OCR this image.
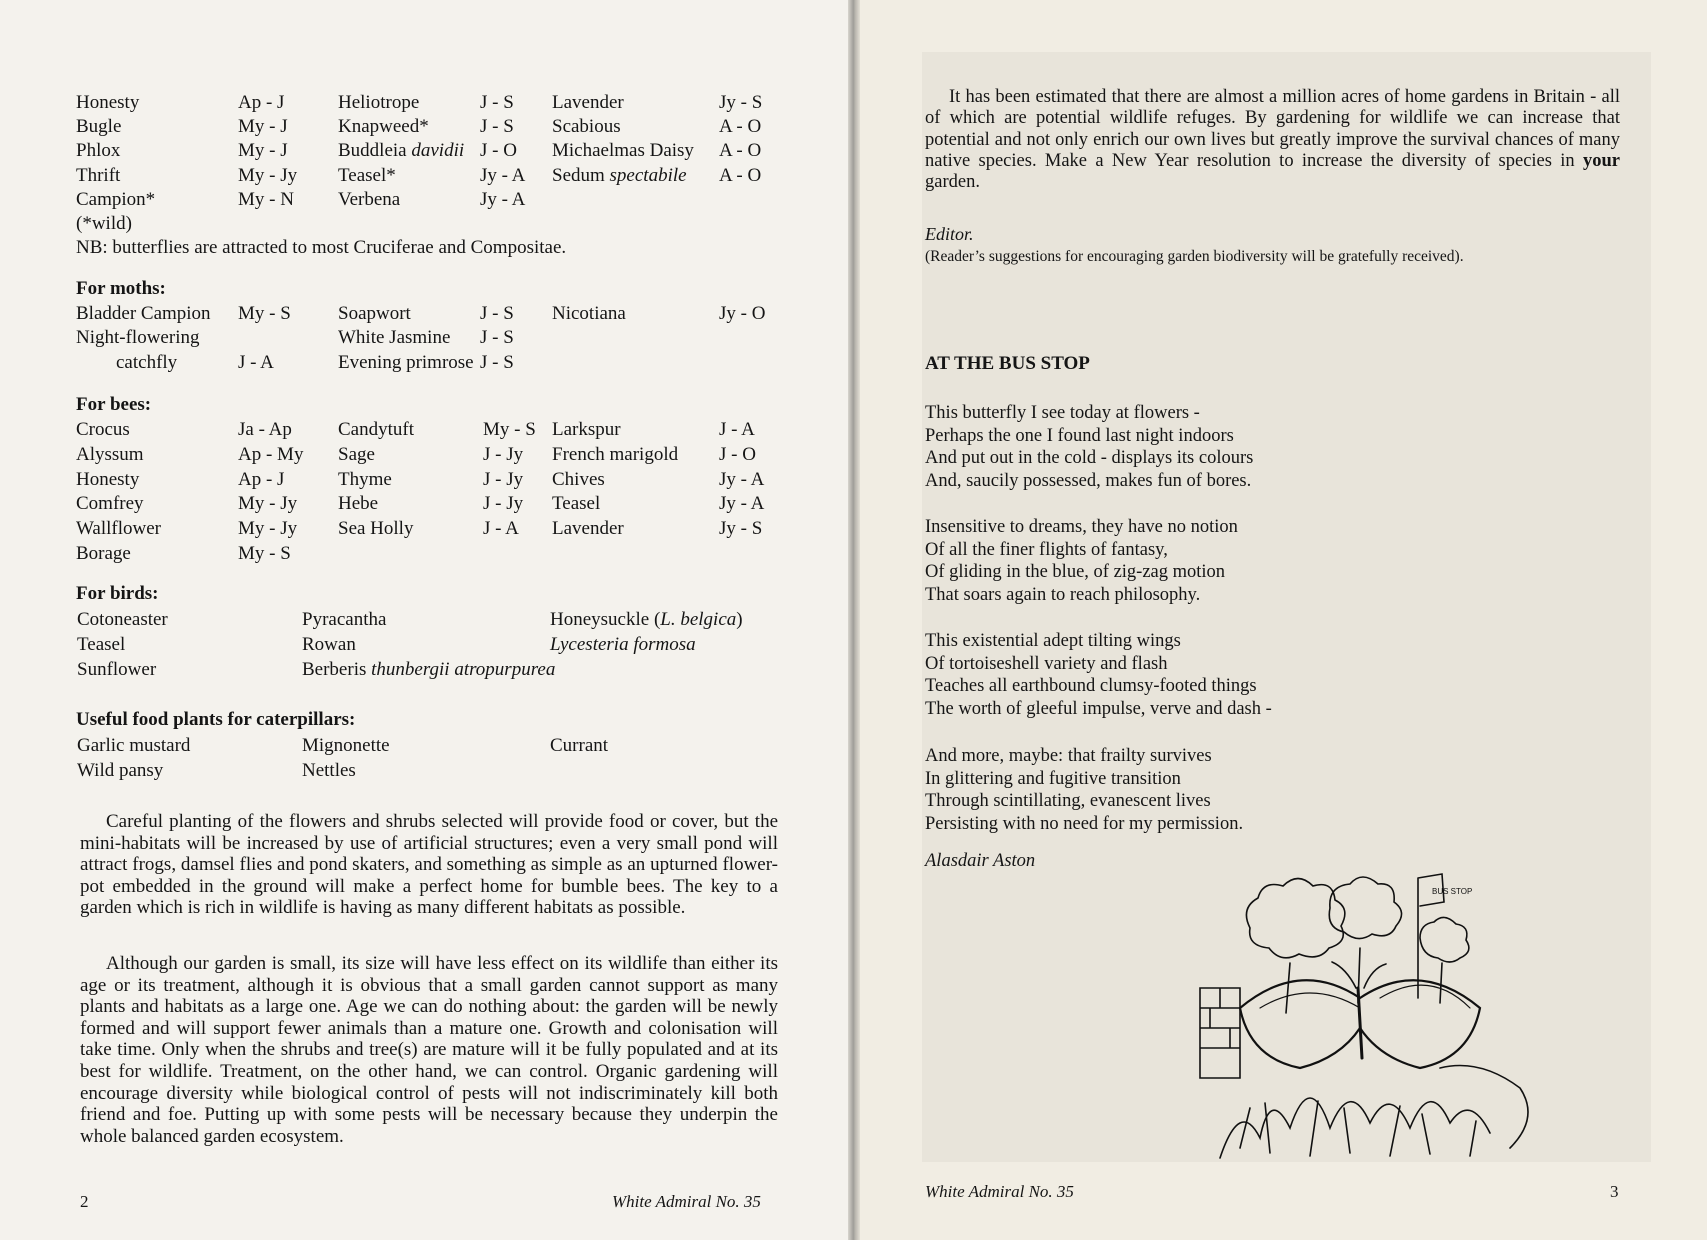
Honesty	Ap - J	Heliotrope	J - S Lavender	Jy - S
Bugle	My - J	Knapweed*	J - S Scabious	A - O
Phlox	My - J	Buddleia davidii J - O Michaelmas Daisy A - O
Thrift	My - Jy Teasel*	Jy - A Sedum spectabile A - O
Campion*	My - N Verbena	Jy - A
(*wild)
NB: butterflies are attracted to most Cruciferae and Compositae.
For moths:
Bladder Campion My - S Soapwort	J - S Nicotiana	Jy - O
Night-flowering	White Jasmine J - S
catchfly	J - A	Evening primrose J - S
For bees:
Crocus	Ja - Ap Candytuft	My - S Larkspur	J - A
Alyssum	Ap - My Sage	J - Jy French marigold J - O
Honesty	Ap - J	Thyme	J - Jy Chives	Jy - A
Comfrey	My - Jy Hebe	J - Jy Teasel	Jy - A
Wallflower	My - Jy Sea Holly	J - A Lavender	Jy - S
Borage	My - S
For birds:
Cotoneaster	Pyracantha	Honeysuckle (L. belgica)
Teasel	Rowan	Lycesteria formosa
Sunflower	Berberis thunbergii atropurpurea
Useful food plants for caterpillars:
Garlic mustard	Mignonette	Currant
Wild pansy	Nettles

Careful planting of the flowers and shrubs selected will provide food or cover, but the mini-habitats will be increased by use of artificial structures; even a very small pond will attract frogs, damsel flies and pond skaters, and something as simple as an upturned flower-pot embedded in the ground will make a perfect home for bumble bees. The key to a garden which is rich in wildlife is having as many different habitats as possible.

Although our garden is small, its size will have less effect on its wildlife than either its age or its treatment, although it is obvious that a small garden cannot support as many plants and habitats as a large one. Age we can do nothing about: the garden will be newly formed and will support fewer animals than a mature one. Growth and colonisation will take time. Only when the shrubs and tree(s) are mature will it be fully populated and at its best for wildlife. Treatment, on the other hand, we can control. Organic gardening will encourage diversity while biological control of pests will not indiscriminately kill both friend and foe. Putting up with some pests will be necessary because they underpin the whole balanced garden ecosystem.

2	White Admiral No. 35

It has been estimated that there are almost a million acres of home gardens in Britain - all of which are potential wildlife refuges. By gardening for wildlife we can increase that potential and not only enrich our own lives but greatly improve the survival chances of many native species. Make a New Year resolution to increase the diversity of species in your garden.

Editor.
(Reader’s suggestions for encouraging garden biodiversity will be gratefully received).
AT THE BUS STOP
This butterfly I see today at flowers -
Perhaps the one I found last night indoors
And put out in the cold - displays its colours
And, saucily possessed, makes fun of bores.
Insensitive to dreams, they have no notion
Of all the finer flights of fantasy,
Of gliding in the blue, of zig-zag motion
That soars again to reach philosophy.
This existential adept tilting wings
Of tortoiseshell variety and flash
Teaches all earthbound clumsy-footed things
The worth of gleeful impulse, verve and dash -
And more, maybe: that frailty survives
In glittering and fugitive transition
Through scintillating, evanescent lives
Persisting with no need for my permission.
Alasdair Aston
BUS STOP
White Admiral No. 35	3
